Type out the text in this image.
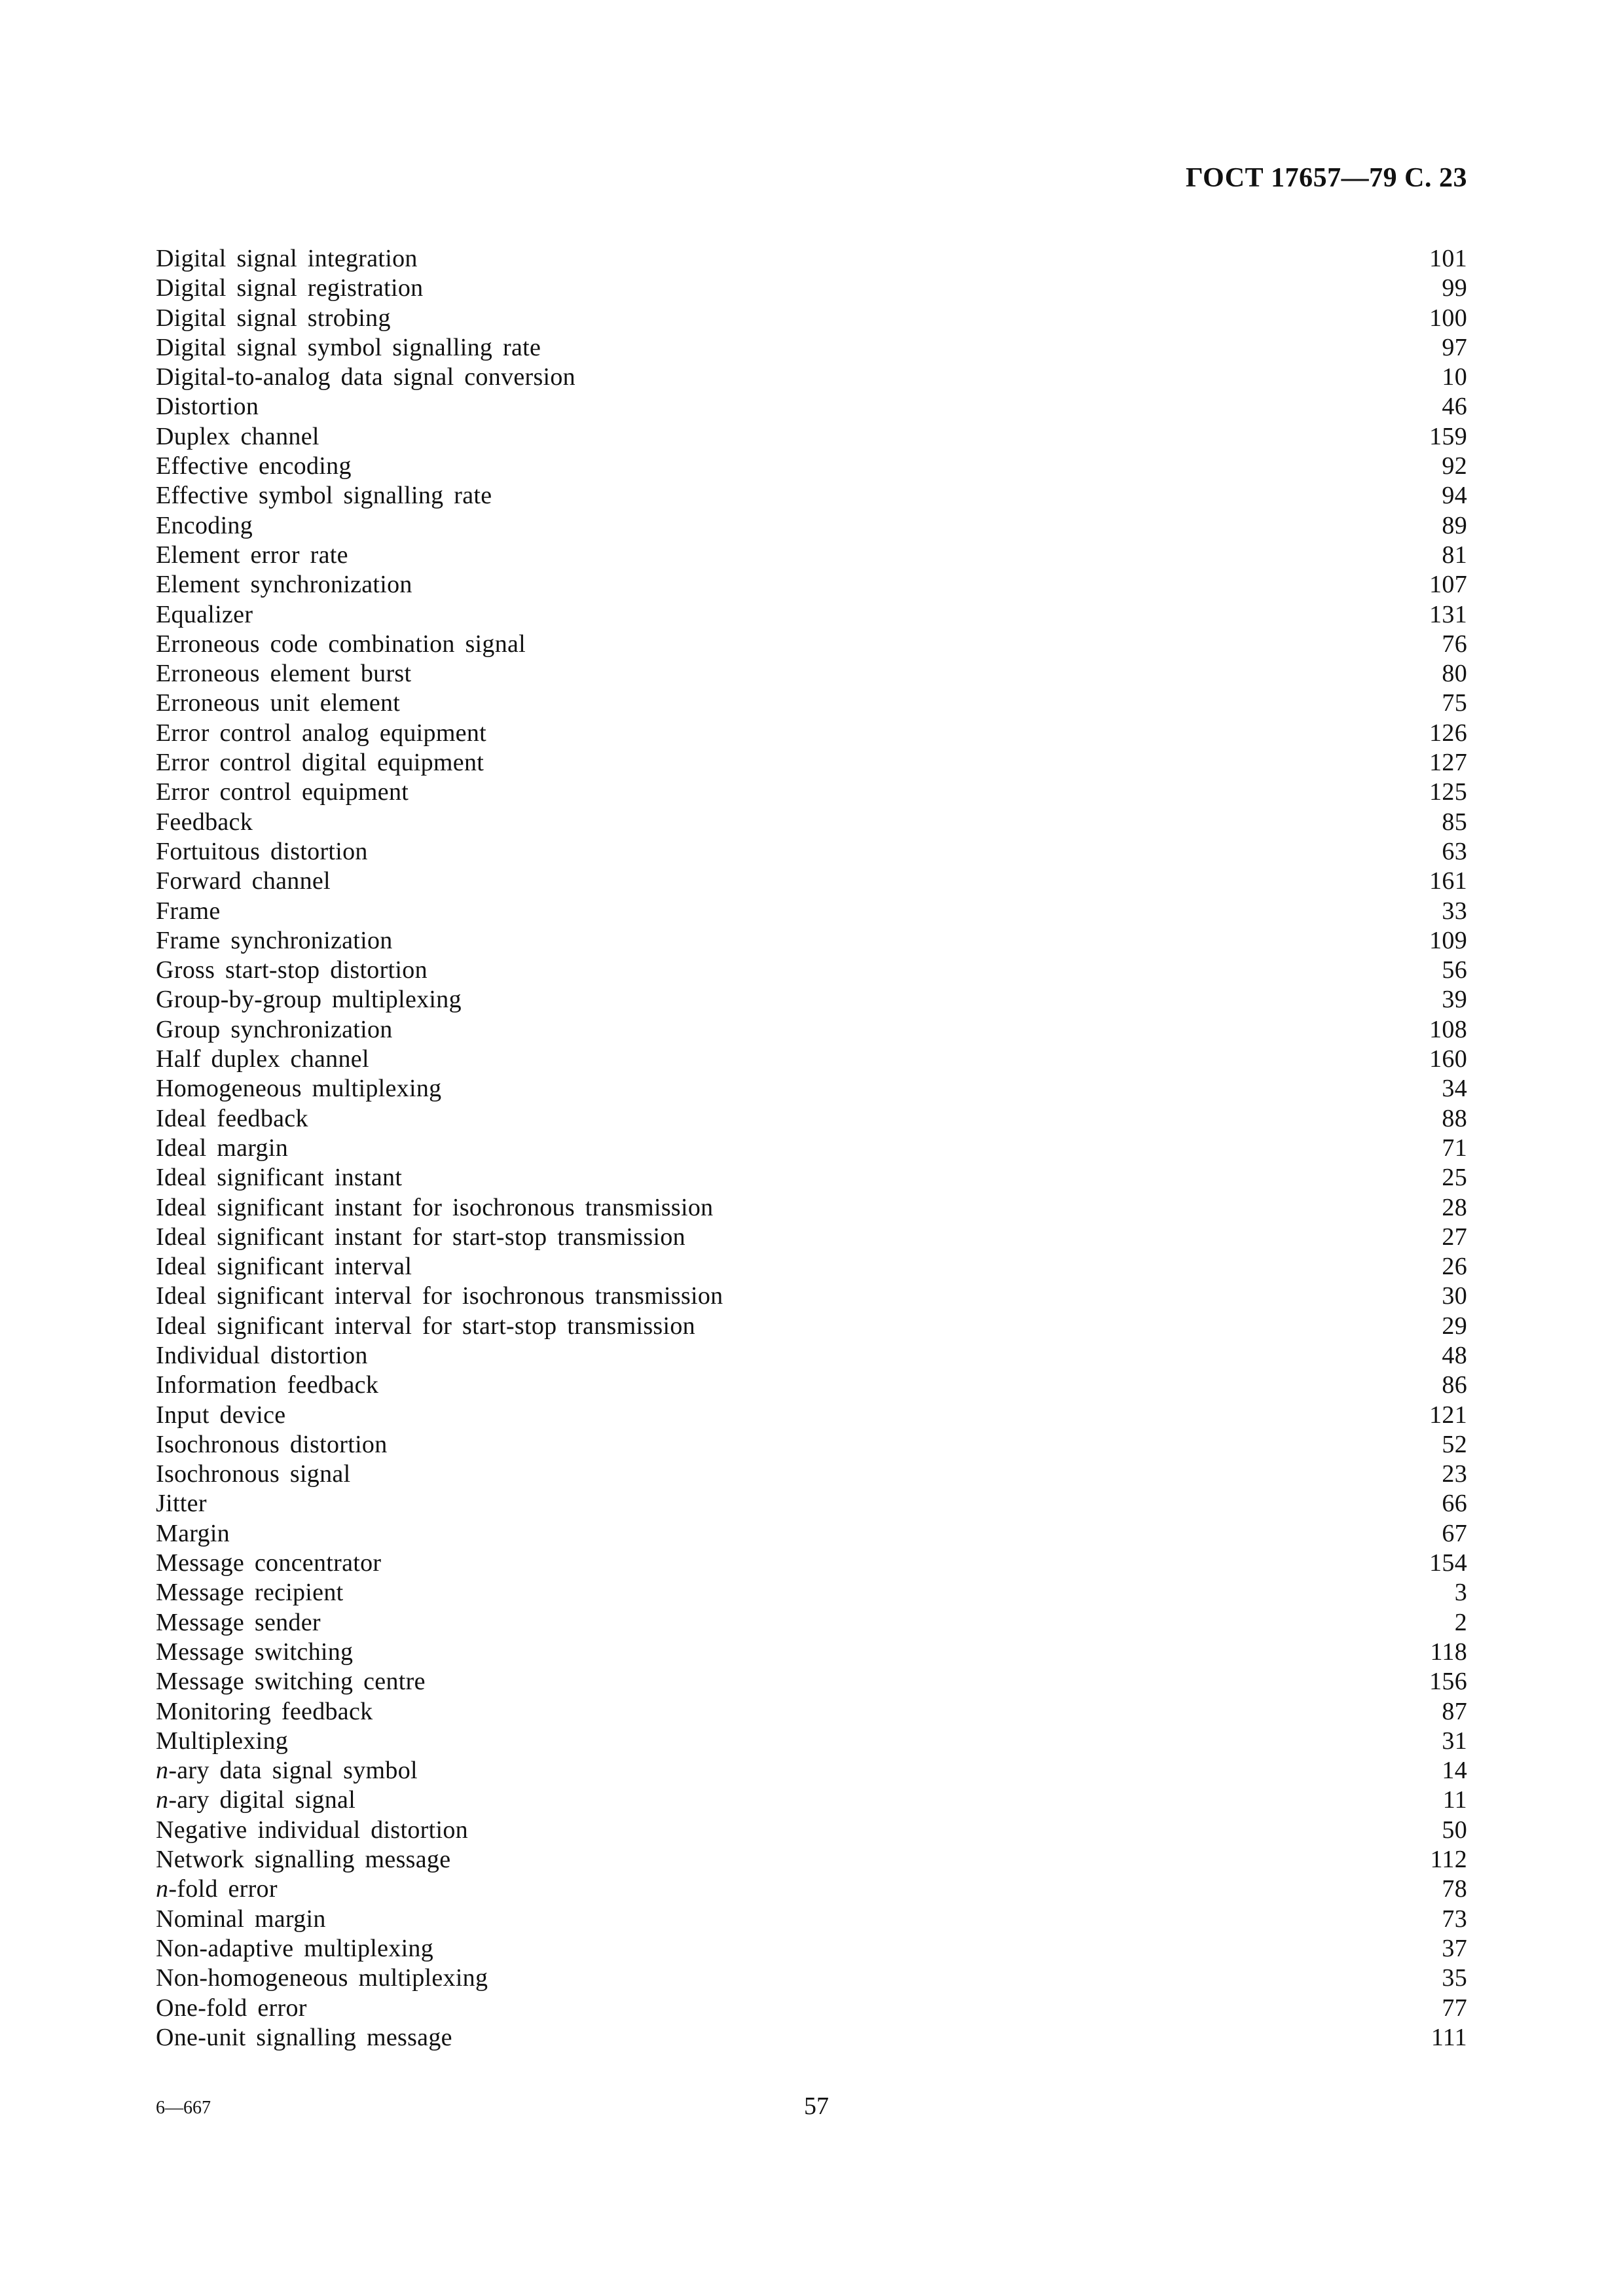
ГОСТ 17657—79 С. 23
Digital signal integration	101
Digital signal registration	99
Digital signal strobing	100
Digital signal symbol signalling rate	97
Digital-to-analog data signal conversion	10
Distortion	46
Duplex channel	159
Effective encoding	92
Effective symbol signalling rate	94
Encoding	89
Element error rate	81
Element synchronization	107
Equalizer	131
Erroneous code combination signal	76
Erroneous element burst	80
Erroneous unit element	75
Error control analog equipment	126
Error control digital equipment	127
Error control equipment	125
Feedback	85
Fortuitous distortion	63
Forward channel	161
Frame	33
Frame synchronization	109
Gross start-stop distortion	56
Group-by-group multiplexing	39
Group synchronization	108
Half duplex channel	160
Homogeneous multiplexing	34
Ideal feedback	88
Ideal margin	71
Ideal significant instant	25
Ideal significant instant for isochronous transmission	28
Ideal significant instant for start-stop transmission	27
Ideal significant interval	26
Ideal significant interval for isochronous transmission	30
Ideal significant interval for start-stop transmission	29
Individual distortion	48
Information feedback	86
Input device	121
Isochronous distortion	52
Isochronous signal	23
Jitter	66
Margin	67
Message concentrator	154
Message recipient	3
Message sender	2
Message switching	118
Message switching centre	156
Monitoring feedback	87
Multiplexing	31
n-ary data signal symbol	14
n-ary digital signal	11
Negative individual distortion	50
Network signalling message	112
n-fold error	78
Nominal margin	73
Non-adaptive multiplexing	37
Non-homogeneous multiplexing	35
One-fold error	77
One-unit signalling message	111
6—667	57
